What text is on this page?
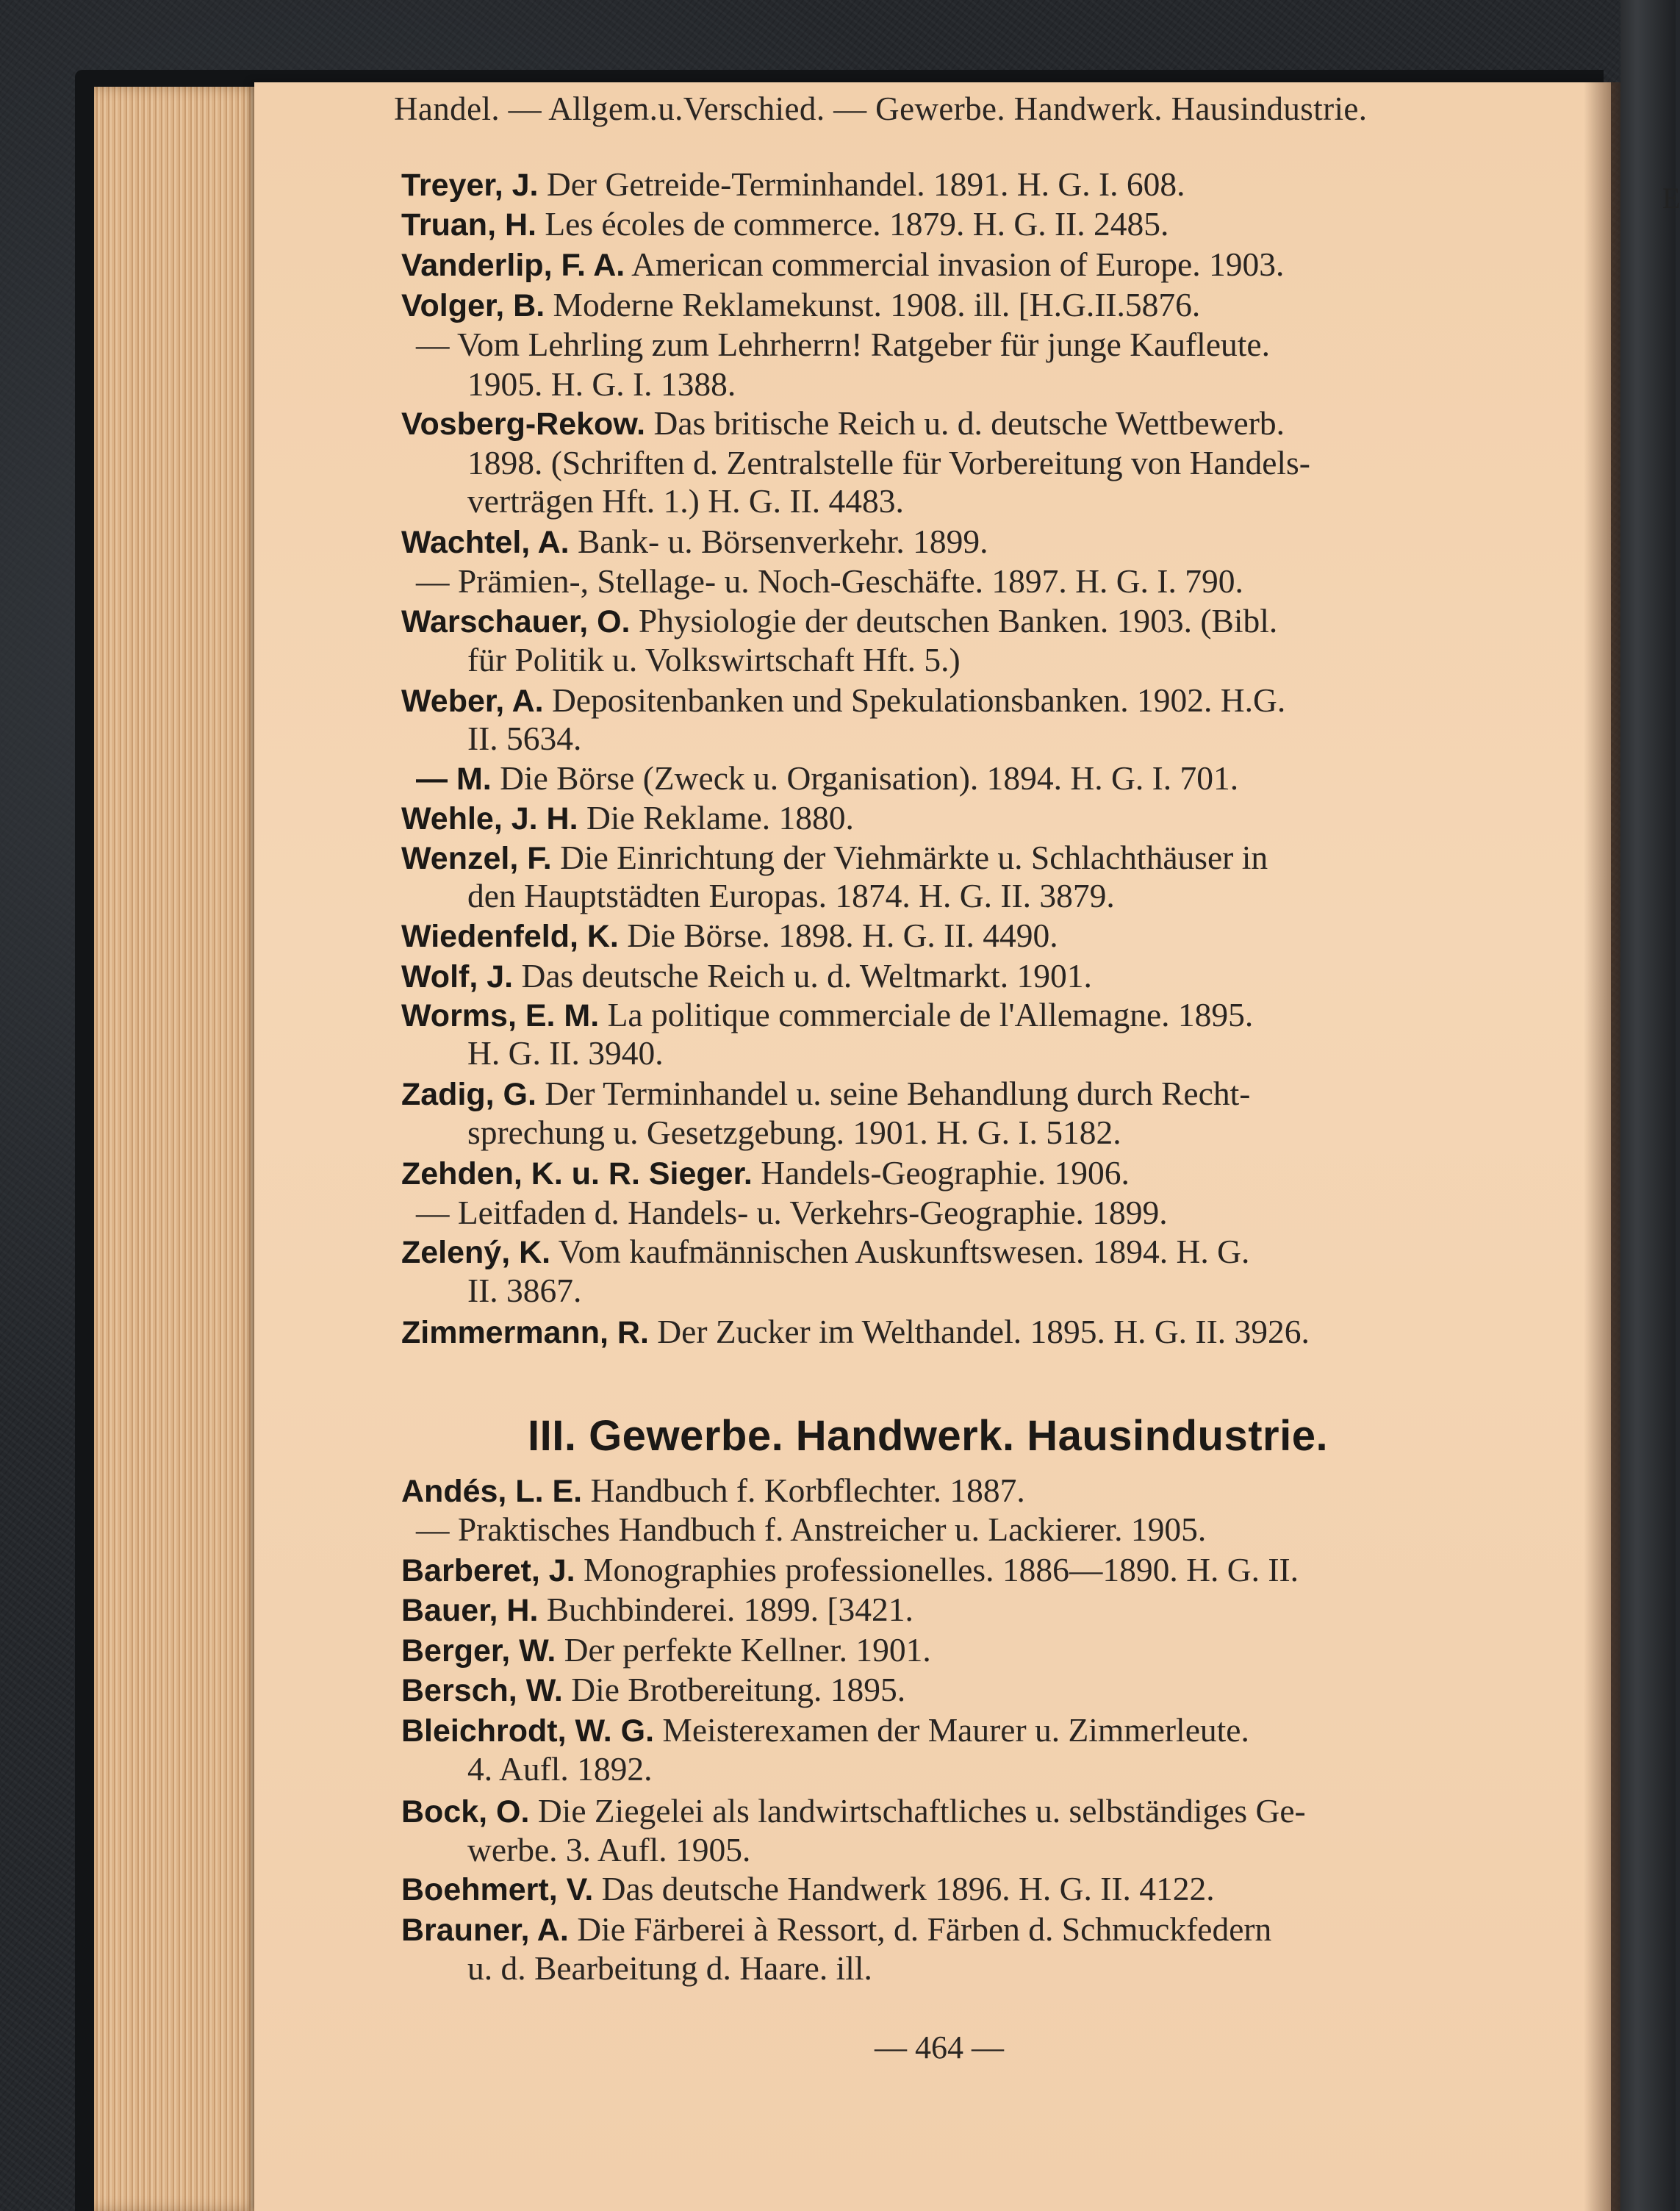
E
Handel. — Allgem.u.Verschied. — Gewerbe. Handwerk. Hausindustrie.
Treyer, J. Der Getreide-Terminhandel. 1891. H. G. I. 608.
Truan, H. Les écoles de commerce. 1879. H. G. II. 2485.
Vanderlip, F. A. American commercial invasion of Europe. 1903.
Volger, B. Moderne Reklamekunst. 1908. ill. [H.G.II.5876.
— Vom Lehrling zum Lehrherrn! Ratgeber für junge Kaufleute.
1905. H. G. I. 1388.
Vosberg-Rekow. Das britische Reich u. d. deutsche Wettbewerb.
1898. (Schriften d. Zentralstelle für Vorbereitung von Handels-
verträgen Hft. 1.) H. G. II. 4483.
Wachtel, A. Bank- u. Börsenverkehr. 1899.
— Prämien-, Stellage- u. Noch-Geschäfte. 1897. H. G. I. 790.
Warschauer, O. Physiologie der deutschen Banken. 1903. (Bibl.
für Politik u. Volkswirtschaft Hft. 5.)
Weber, A. Depositenbanken und Spekulationsbanken. 1902. H.G.
II. 5634.
— M. Die Börse (Zweck u. Organisation). 1894. H. G. I. 701.
Wehle, J. H. Die Reklame. 1880.
Wenzel, F. Die Einrichtung der Viehmärkte u. Schlachthäuser in
den Hauptstädten Europas. 1874. H. G. II. 3879.
Wiedenfeld, K. Die Börse. 1898. H. G. II. 4490.
Wolf, J. Das deutsche Reich u. d. Weltmarkt. 1901.
Worms, E. M. La politique commerciale de l'Allemagne. 1895.
H. G. II. 3940.
Zadig, G. Der Terminhandel u. seine Behandlung durch Recht-
sprechung u. Gesetzgebung. 1901. H. G. I. 5182.
Zehden, K. u. R. Sieger. Handels-Geographie. 1906.
— Leitfaden d. Handels- u. Verkehrs-Geographie. 1899.
Zelený, K. Vom kaufmännischen Auskunftswesen. 1894. H. G.
II. 3867.
Zimmermann, R. Der Zucker im Welthandel. 1895. H. G. II. 3926.
III. Gewerbe. Handwerk. Hausindustrie.
Andés, L. E. Handbuch f. Korbflechter. 1887.
— Praktisches Handbuch f. Anstreicher u. Lackierer. 1905.
Barberet, J. Monographies professionelles. 1886—1890. H. G. II.
Bauer, H. Buchbinderei. 1899. [3421.
Berger, W. Der perfekte Kellner. 1901.
Bersch, W. Die Brotbereitung. 1895.
Bleichrodt, W. G. Meisterexamen der Maurer u. Zimmerleute.
4. Aufl. 1892.
Bock, O. Die Ziegelei als landwirtschaftliches u. selbständiges Ge-
werbe. 3. Aufl. 1905.
Boehmert, V. Das deutsche Handwerk 1896. H. G. II. 4122.
Brauner, A. Die Färberei à Ressort, d. Färben d. Schmuckfedern
u. d. Bearbeitung d. Haare. ill.
— 464 —
